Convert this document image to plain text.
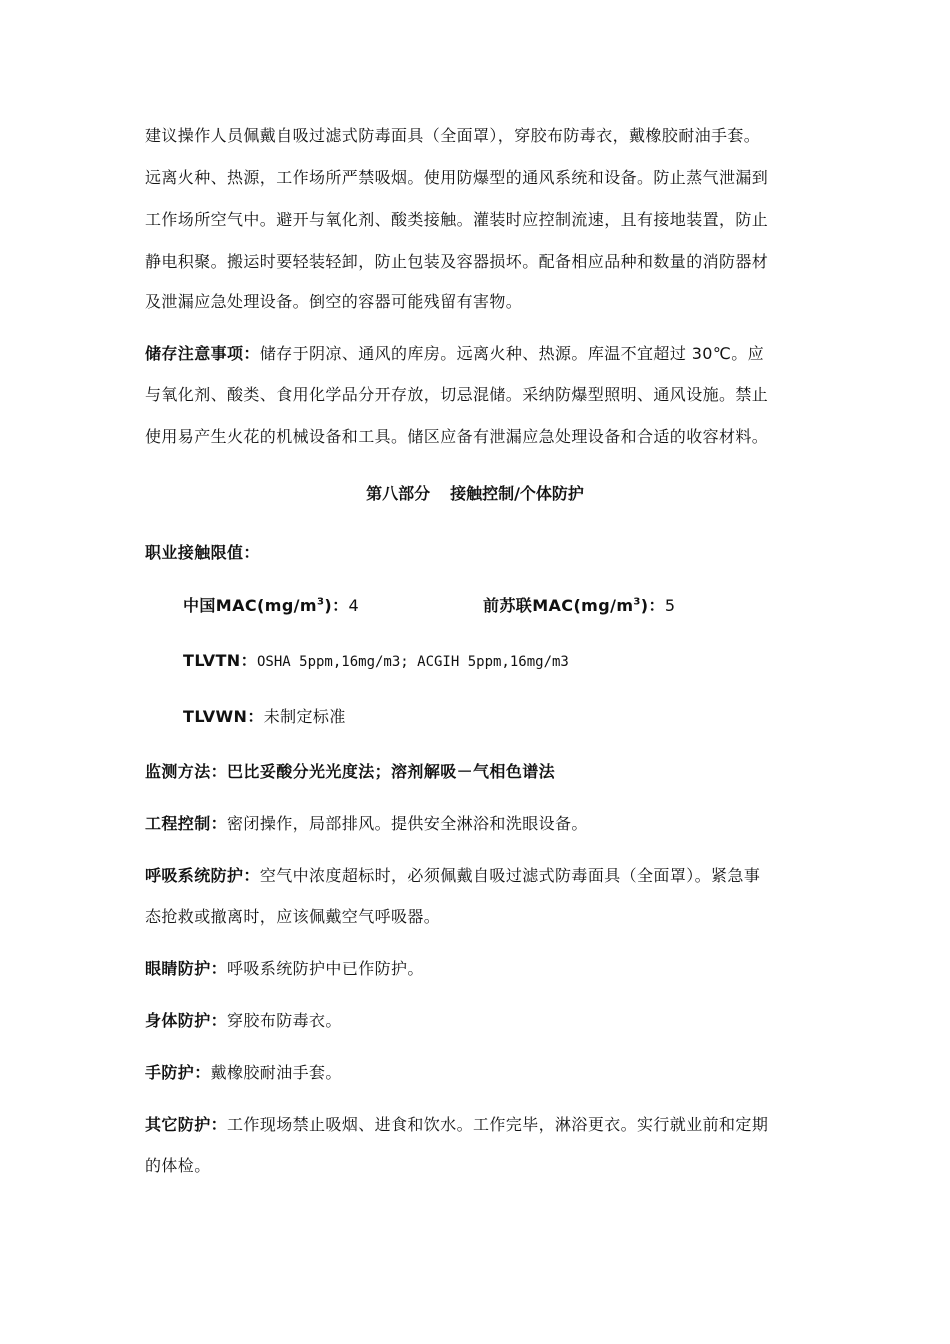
建议操作人员佩戴自吸过滤式防毒面具（全面罩），穿胶布防毒衣，戴橡胶耐油手套。
远离火种、热源，工作场所严禁吸烟。使用防爆型的通风系统和设备。防止蒸气泄漏到
工作场所空气中。避开与氧化剂、酸类接触。灌装时应控制流速，且有接地装置，防止
静电积聚。搬运时要轻装轻卸，防止包装及容器损坏。配备相应品种和数量的消防器材
及泄漏应急处理设备。倒空的容器可能残留有害物。
储存注意事项：储存于阴凉、通风的库房。远离火种、热源。库温不宜超过 30℃。应
与氧化剂、酸类、食用化学品分开存放，切忌混储。采纳防爆型照明、通风设施。禁止
使用易产生火花的机械设备和工具。储区应备有泄漏应急处理设备和合适的收容材料。
第八部分 接触控制/个体防护
职业接触限值：
中国$MAC(mg/m^3)$：4	前苏联$MAC(mg/m^3)$：5
TLVTN：OSHA 5ppm,16mg/m3; ACGIH 5ppm,16mg/m3
TLVWN：未制定标准
监测方法：巴比妥酸分光光度法；溶剂解吸－气相色谱法
工程控制：密闭操作，局部排风。提供安全淋浴和洗眼设备。
呼吸系统防护：空气中浓度超标时，必须佩戴自吸过滤式防毒面具（全面罩）。紧急事
态抢救或撤离时，应该佩戴空气呼吸器。
眼睛防护：呼吸系统防护中已作防护。
身体防护：穿胶布防毒衣。
手防护：戴橡胶耐油手套。
其它防护：工作现场禁止吸烟、进食和饮水。工作完毕，淋浴更衣。实行就业前和定期
的体检。
